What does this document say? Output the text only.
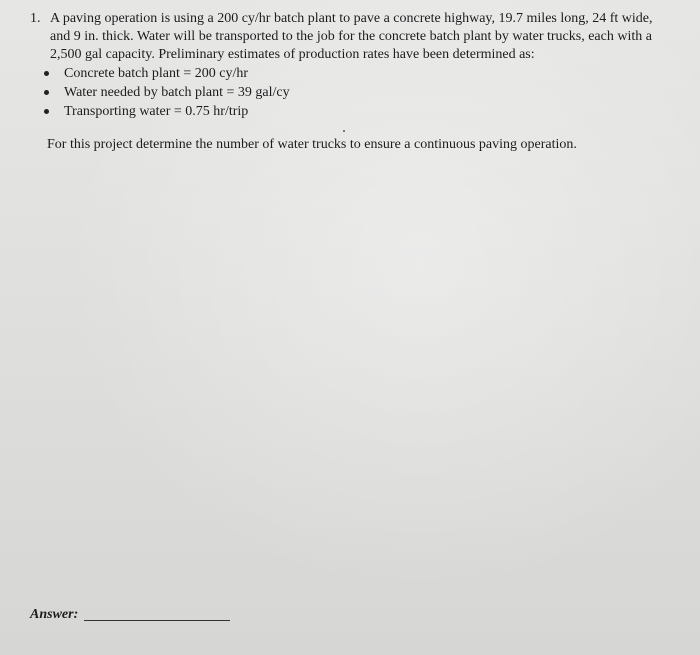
1. A paving operation is using a 200 cy/hr batch plant to pave a concrete highway, 19.7 miles long, 24 ft wide, and 9 in. thick. Water will be transported to the job for the concrete batch plant by water trucks, each with a 2,500 gal capacity. Preliminary estimates of production rates have been determined as:
Concrete batch plant = 200 cy/hr
Water needed by batch plant = 39 gal/cy
Transporting water = 0.75 hr/trip
For this project determine the number of water trucks to ensure a continuous paving operation.
Answer:
